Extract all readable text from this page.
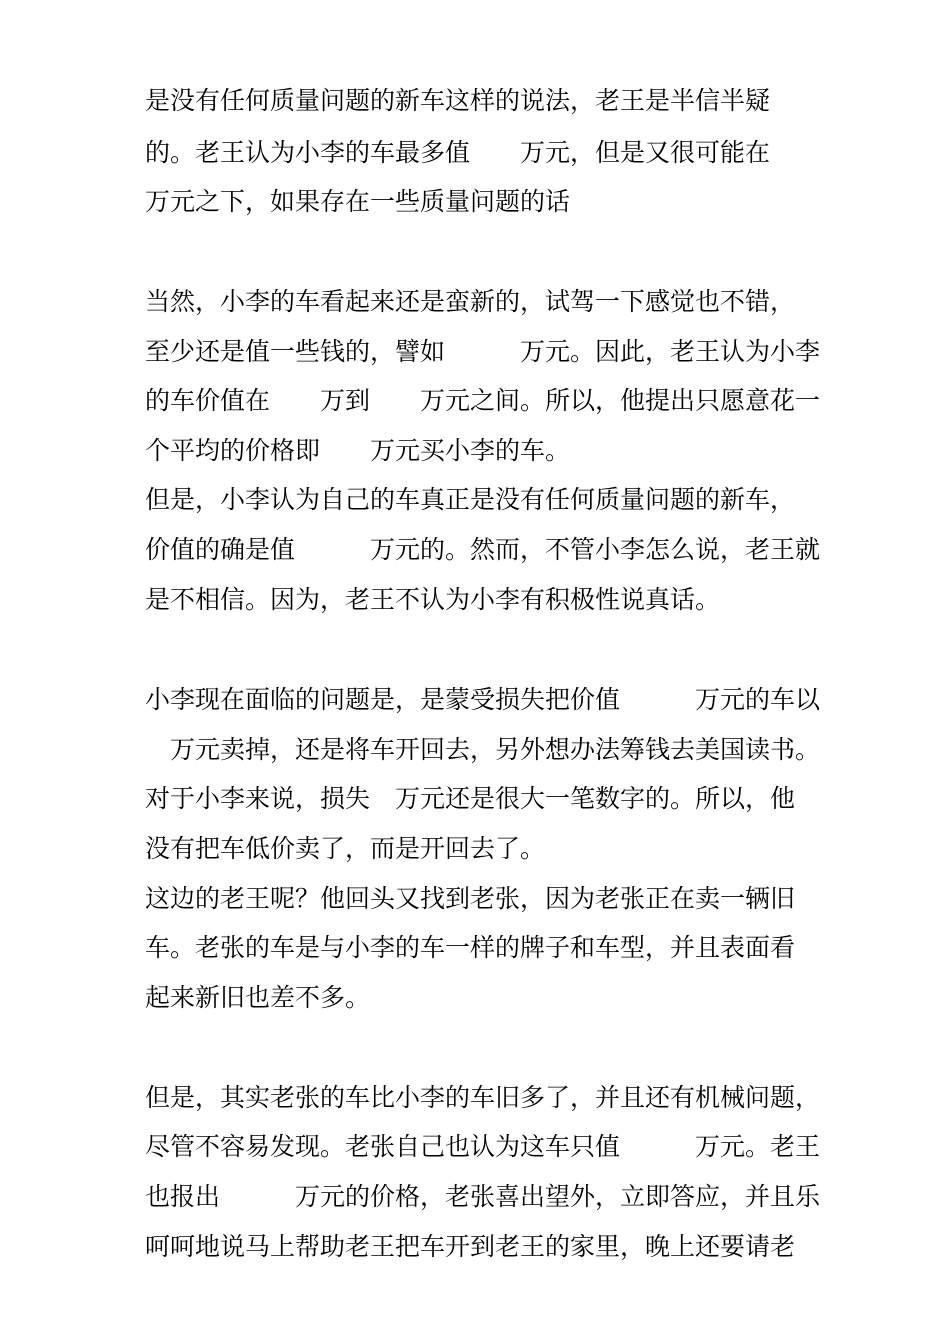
是没有任何质量问题的新车这样的说法，老王是半信半疑
的。老王认为小李的车最多值　　万元，但是又很可能在
万元之下，如果存在一些质量问题的话
当然，小李的车看起来还是蛮新的，试驾一下感觉也不错，
至少还是值一些钱的，譬如　　　万元。因此，老王认为小李
的车价值在　　万到　　万元之间。所以，他提出只愿意花一
个平均的价格即　　万元买小李的车。
但是，小李认为自己的车真正是没有任何质量问题的新车，
价值的确是值　　　万元的。然而，不管小李怎么说，老王就
是不相信。因为，老王不认为小李有积极性说真话。
小李现在面临的问题是，是蒙受损失把价值　　　万元的车以
　万元卖掉，还是将车开回去，另外想办法筹钱去美国读书。
对于小李来说，损失　万元还是很大一笔数字的。所以，他
没有把车低价卖了，而是开回去了。
这边的老王呢？他回头又找到老张，因为老张正在卖一辆旧
车。老张的车是与小李的车一样的牌子和车型，并且表面看
起来新旧也差不多。
但是，其实老张的车比小李的车旧多了，并且还有机械问题，
尽管不容易发现。老张自己也认为这车只值　　　万元。老王
也报出　　　万元的价格，老张喜出望外，立即答应，并且乐
呵呵地说马上帮助老王把车开到老王的家里，晚上还要请老
